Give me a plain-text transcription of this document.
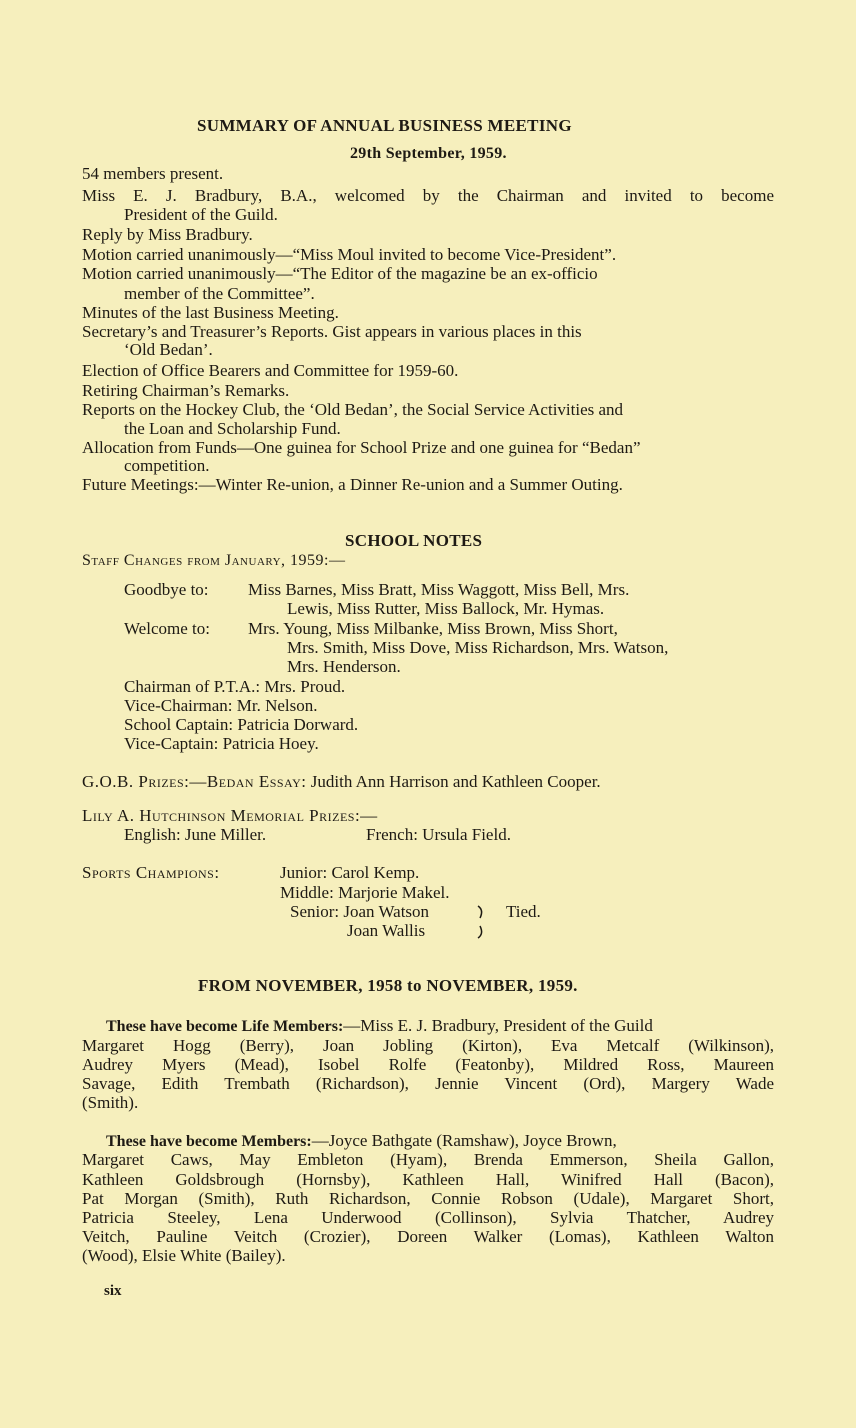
SUMMARY OF ANNUAL BUSINESS MEETING
29th September, 1959.
54 members present.
Miss E. J. Bradbury, B.A., welcomed by the Chairman and invited to become
President of the Guild.
Reply by Miss Bradbury.
Motion carried unanimously—“Miss Moul invited to become Vice-President”.
Motion carried unanimously—“The Editor of the magazine be an ex-officio
member of the Committee”.
Minutes of the last Business Meeting.
Secretary’s and Treasurer’s Reports. Gist appears in various places in this
‘Old Bedan’.
Election of Office Bearers and Committee for 1959-60.
Retiring Chairman’s Remarks.
Reports on the Hockey Club, the ‘Old Bedan’, the Social Service Activities and
the Loan and Scholarship Fund.
Allocation from Funds—One guinea for School Prize and one guinea for “Bedan”
competition.
Future Meetings:—Winter Re-union, a Dinner Re-union and a Summer Outing.
SCHOOL NOTES
Staff Changes from January, 1959:—
Goodbye to: Miss Barnes, Miss Bratt, Miss Waggott, Miss Bell, Mrs.
Lewis, Miss Rutter, Miss Ballock, Mr. Hymas.
Welcome to: Mrs. Young, Miss Milbanke, Miss Brown, Miss Short,
Mrs. Smith, Miss Dove, Miss Richardson, Mrs. Watson,
Mrs. Henderson.
Chairman of P.T.A.: Mrs. Proud.
Vice-Chairman: Mr. Nelson.
School Captain: Patricia Dorward.
Vice-Captain: Patricia Hoey.
G.O.B. Prizes:—Bedan Essay: Judith Ann Harrison and Kathleen Cooper.
Lily A. Hutchinson Memorial Prizes:—
English: June Miller.	French: Ursula Field.
Sports Champions:	Junior: Carol Kemp.
Middle: Marjorie Makel.
Senior: Joan Watson
Joan Wallis
Tied.
FROM NOVEMBER, 1958 to NOVEMBER, 1959.
These have become Life Members:—Miss E. J. Bradbury, President of the Guild
Margaret Hogg (Berry), Joan Jobling (Kirton), Eva Metcalf (Wilkinson),
Audrey Myers (Mead), Isobel Rolfe (Featonby), Mildred Ross, Maureen
Savage, Edith Trembath (Richardson), Jennie Vincent (Ord), Margery Wade
(Smith).
These have become Members:—Joyce Bathgate (Ramshaw), Joyce Brown,
Margaret Caws, May Embleton (Hyam), Brenda Emmerson, Sheila Gallon,
Kathleen Goldsbrough (Hornsby), Kathleen Hall, Winifred Hall (Bacon),
Pat Morgan (Smith), Ruth Richardson, Connie Robson (Udale), Margaret Short,
Patricia Steeley, Lena Underwood (Collinson), Sylvia Thatcher, Audrey
Veitch, Pauline Veitch (Crozier), Doreen Walker (Lomas), Kathleen Walton
(Wood), Elsie White (Bailey).
six
